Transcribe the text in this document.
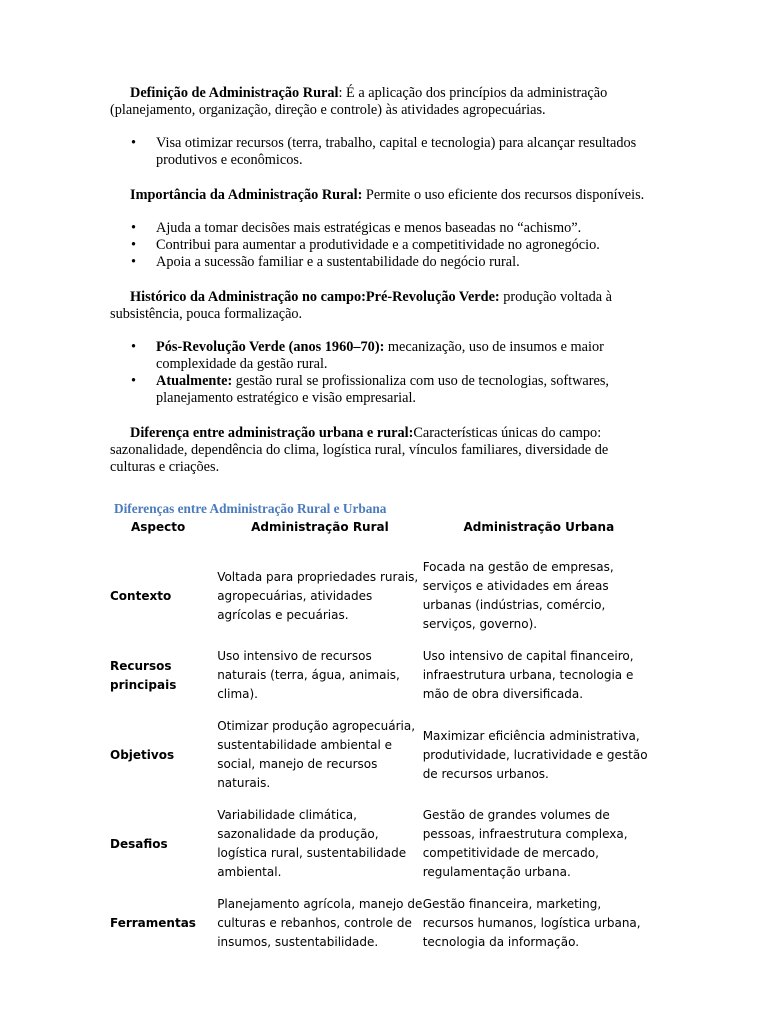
Definição de Administração Rural: É a aplicação dos princípios da administração (planejamento, organização, direção e controle) às atividades agropecuárias.

• Visa otimizar recursos (terra, trabalho, capital e tecnologia) para alcançar resultados produtivos e econômicos.

Importância da Administração Rural: Permite o uso eficiente dos recursos disponíveis.

• Ajuda a tomar decisões mais estratégicas e menos baseadas no “achismo”.
• Contribui para aumentar a produtividade e a competitividade no agronegócio.
• Apoia a sucessão familiar e a sustentabilidade do negócio rural.

Histórico da Administração no campo:Pré-Revolução Verde: produção voltada à subsistência, pouca formalização.

• Pós-Revolução Verde (anos 1960–70): mecanização, uso de insumos e maior complexidade da gestão rural.
• Atualmente: gestão rural se profissionaliza com uso de tecnologias, softwares, planejamento estratégico e visão empresarial.

Diferença entre administração urbana e rural:Características únicas do campo: sazonalidade, dependência do clima, logística rural, vínculos familiares, diversidade de culturas e criações.

Diferenças entre Administração Rural e Urbana
Aspecto	Administração Rural	Administração Urbana
Contexto	Voltada para propriedades rurais, agropecuárias, atividades agrícolas e pecuárias.	Focada na gestão de empresas, serviços e atividades em áreas urbanas (indústrias, comércio, serviços, governo).
Recursos principais	Uso intensivo de recursos naturais (terra, água, animais, clima).	Uso intensivo de capital financeiro, infraestrutura urbana, tecnologia e mão de obra diversificada.
Objetivos	Otimizar produção agropecuária, sustentabilidade ambiental e social, manejo de recursos naturais.	Maximizar eficiência administrativa, produtividade, lucratividade e gestão de recursos urbanos.
Desafios	Variabilidade climática, sazonalidade da produção, logística rural, sustentabilidade ambiental.	Gestão de grandes volumes de pessoas, infraestrutura complexa, competitividade de mercado, regulamentação urbana.
Ferramentas	Planejamento agrícola, manejo de culturas e rebanhos, controle de insumos, sustentabilidade.	Gestão financeira, marketing, recursos humanos, logística urbana, tecnologia da informação.
